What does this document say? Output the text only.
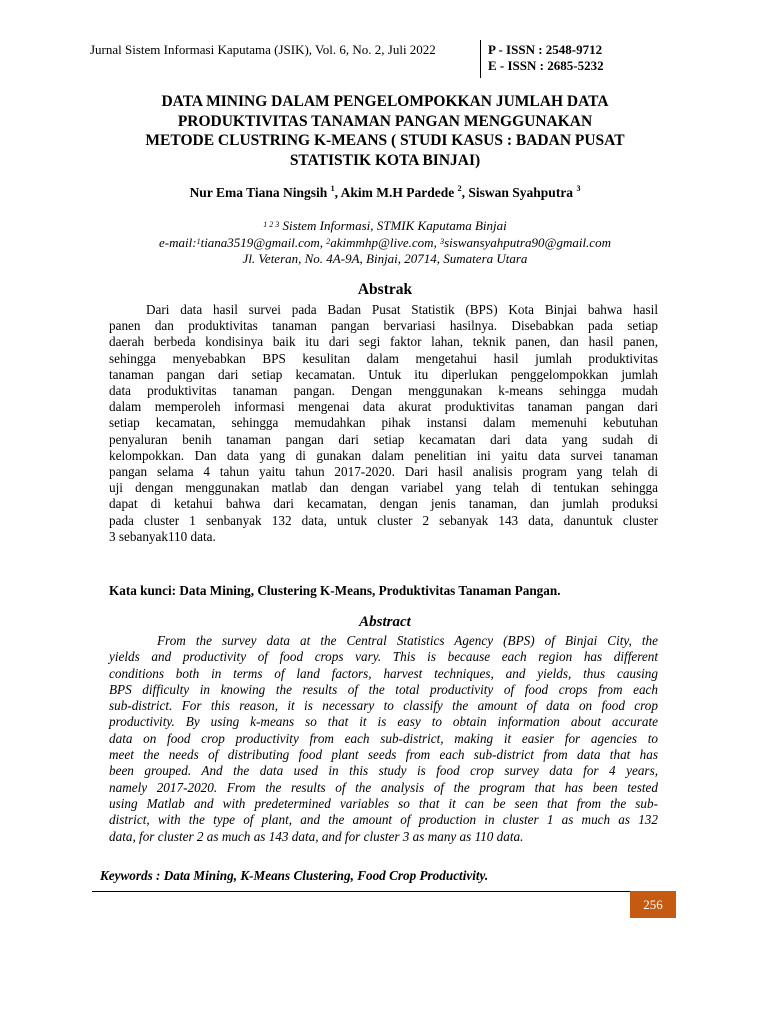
Jurnal Sistem Informasi Kaputama (JSIK), Vol. 6, No. 2, Juli 2022	P - ISSN : 2548-9712
E - ISSN : 2685-5232
DATA MINING DALAM PENGELOMPOKKAN JUMLAH DATA
PRODUKTIVITAS TANAMAN PANGAN MENGGUNAKAN
METODE CLUSTRING K-MEANS ( STUDI KASUS : BADAN PUSAT
STATISTIK KOTA BINJAI)
Nur Ema Tiana Ningsih $^1$, Akim M.H Pardede $^2$, Siswan Syahputra $^3$
$^{1 2 3}$ Sistem Informasi, STMIK Kaputama Binjai
e-mail:$^1$tiana3519@gmail.com, $^2$akimmhp@live.com, $^3$siswansyahputra90@gmail.com
Jl. Veteran, No. 4A-9A, Binjai, 20714, Sumatera Utara
Abstrak
Dari data hasil survei pada Badan Pusat Statistik (BPS) Kota Binjai bahwa hasil
panen dan produktivitas tanaman pangan bervariasi hasilnya. Disebabkan pada setiap
daerah berbeda kondisinya baik itu dari segi faktor lahan, teknik panen, dan hasil panen,
sehingga menyebabkan BPS kesulitan dalam mengetahui hasil jumlah produktivitas
tanaman pangan dari setiap kecamatan. Untuk itu diperlukan penggelompokkan jumlah
data produktivitas tanaman pangan. Dengan menggunakan k-means sehingga mudah
dalam memperoleh informasi mengenai data akurat produktivitas tanaman pangan dari
setiap kecamatan, sehingga memudahkan pihak instansi dalam memenuhi kebutuhan
penyaluran benih tanaman pangan dari setiap kecamatan dari data yang sudah di
kelompokkan. Dan data yang di gunakan dalam penelitian ini yaitu data survei tanaman
pangan selama 4 tahun yaitu tahun 2017-2020. Dari hasil analisis program yang telah di
uji dengan menggunakan matlab dan dengan variabel yang telah di tentukan sehingga
dapat di ketahui bahwa dari kecamatan, dengan jenis tanaman, dan jumlah produksi
pada cluster 1 senbanyak 132 data, untuk cluster 2 sebanyak 143 data, danuntuk cluster
3 sebanyak110 data.
Kata kunci: Data Mining, Clustering K-Means, Produktivitas Tanaman Pangan.
Abstract
From the survey data at the Central Statistics Agency (BPS) of Binjai City, the
yields and productivity of food crops vary. This is because each region has different
conditions both in terms of land factors, harvest techniques, and yields, thus causing
BPS difficulty in knowing the results of the total productivity of food crops from each
sub-district. For this reason, it is necessary to classify the amount of data on food crop
productivity. By using k-means so that it is easy to obtain information about accurate
data on food crop productivity from each sub-district, making it easier for agencies to
meet the needs of distributing food plant seeds from each sub-district from data that has
been grouped. And the data used in this study is food crop survey data for 4 years,
namely 2017-2020. From the results of the analysis of the program that has been tested
using Matlab and with predetermined variables so that it can be seen that from the sub-
district, with the type of plant, and the amount of production in cluster 1 as much as 132
data, for cluster 2 as much as 143 data, and for cluster 3 as many as 110 data.
Keywords : Data Mining, K-Means Clustering, Food Crop Productivity.
256
